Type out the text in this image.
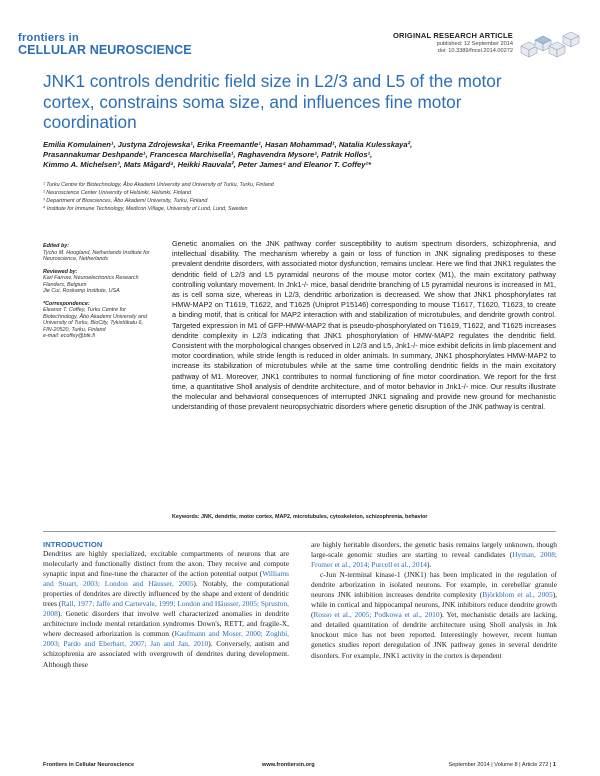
frontiers in
CELLULAR NEUROSCIENCE
ORIGINAL RESEARCH ARTICLE
published: 12 September 2014
doi: 10.3389/fncel.2014.00272
JNK1 controls dendritic field size in L2/3 and L5 of the motor cortex, constrains soma size, and influences fine motor coordination
Emilia Komulainen¹, Justyna Zdrojewska¹, Erika Freemantle¹, Hasan Mohammad¹, Natalia Kulesskaya²,
Prasannakumar Deshpande¹, Francesca Marchisella¹, Raghavendra Mysore¹, Patrik Hollos¹,
Kimmo A. Michelsen³, Mats Mågard⁴, Heikki Rauvala², Peter James⁴ and Eleanor T. Coffey¹*
¹ Turku Centre for Biotechnology, Åbo Akademi University and University of Turku, Turku, Finland
² Neuroscience Center University of Helsinki, Helsinki, Finland
³ Department of Biosciences, Åbo Akademi University, Turku, Finland
⁴ Institute for Immune Technology, Medicon Village, University of Lund, Lund, Sweden
Edited by:
Tycho M. Hoogland, Netherlands Institute for Neuroscience, Netherlands
Reviewed by:
Karl Farrow, Neuroelectronics Research Flanders, Belgium
Jie Cui, Roskamp Institute, USA
*Correspondence:
Eleanor T. Coffey, Turku Centre for Biotechnology, Åbo Akademi University and University of Turku, BioCity, Tykistökatu 6, FIN-20520, Turku, Finland
e-mail: ecoffey@btk.fi
Genetic anomalies on the JNK pathway confer susceptibility to autism spectrum disorders, schizophrenia, and intellectual disability. The mechanism whereby a gain or loss of function in JNK signaling predisposes to these prevalent dendrite disorders, with associated motor dysfunction, remains unclear. Here we find that JNK1 regulates the dendritic field of L2/3 and L5 pyramidal neurons of the mouse motor cortex (M1), the main excitatory pathway controlling voluntary movement. In Jnk1-/- mice, basal dendrite branching of L5 pyramidal neurons is increased in M1, as is cell soma size, whereas in L2/3, dendritic arborization is decreased. We show that JNK1 phosphorylates rat HMW-MAP2 on T1619, T1622, and T1625 (Uniprot P15146) corresponding to mouse T1617, T1620, T1623, to create a binding motif, that is critical for MAP2 interaction with and stabilization of microtubules, and dendrite growth control. Targeted expression in M1 of GFP-HMW-MAP2 that is pseudo-phosphorylated on T1619, T1622, and T1625 increases dendrite complexity in L2/3 indicating that JNK1 phosphorylation of HMW-MAP2 regulates the dendritic field. Consistent with the morphological changes observed in L2/3 and L5, Jnk1-/- mice exhibit deficits in limb placement and motor coordination, while stride length is reduced in older animals. In summary, JNK1 phosphorylates HMW-MAP2 to increase its stabilization of microtubules while at the same time controlling dendritic fields in the main excitatory pathway of M1. Moreover, JNK1 contributes to normal functioning of fine motor coordination. We report for the first time, a quantitative Sholl analysis of dendrite architecture, and of motor behavior in Jnk1-/- mice. Our results illustrate the molecular and behavioral consequences of interrupted JNK1 signaling and provide new ground for mechanistic understanding of those prevalent neuropsychiatric disorders where genetic disruption of the JNK pathway is central.
Keywords: JNK, dendrite, motor cortex, MAP2, microtubules, cytoskeleton, schizophrenia, behavior
INTRODUCTION

Dendrites are highly specialized, excitable compartments of neurons that are molecularly and functionally distinct from the axon. They receive and compute synaptic input and fine-tune the character of the action potential output (Williams and Stuart, 2003; London and Häusser, 2005). Notably, the computational properties of dendrites are directly influenced by the shape and extent of dendritic trees (Rall, 1977; Jaffe and Carnevale, 1999; London and Häusser, 2005; Spruston, 2008). Genetic disorders that involve well characterized anomalies in dendrite architecture include mental retardation syndromes Down's, RETT, and fragile-X, where decreased arborization is common (Kaufmann and Moser, 2000; Zoghbi, 2003; Pardo and Eberhart, 2007; Jan and Jan, 2010). Conversely, autism and schizophrenia are associated with overgrowth of dendrites during development. Although these

are highly heritable disorders, the genetic basis remains largely unknown, though large-scale genomic studies are starting to reveal candidates (Hyman, 2008; Fromer et al., 2014; Purcell et al., 2014).

c-Jun N-terminal kinase-1 (JNK1) has been implicated in the regulation of dendrite arborization in isolated neurons. For example, in cerebellar granule neurons JNK inhibition increases dendrite complexity (Björkblom et al., 2005), while in cortical and hippocampal neurons, JNK inhibitors reduce dendrite growth (Rosso et al., 2005; Podkowa et al., 2010). Yet, mechanistic details are lacking, and detailed quantitation of dendrite architecture using Sholl analysis in Jnk knockout mice has not been reported. Interestingly however, recent human genetics studies report deregulation of JNK pathway genes in several dendrite disorders. For example, JNK1 activity in the cortex is dependent

Frontiers in Cellular Neuroscience	www.frontiersin.org	September 2014 | Volume 8 | Article 272 | 1
